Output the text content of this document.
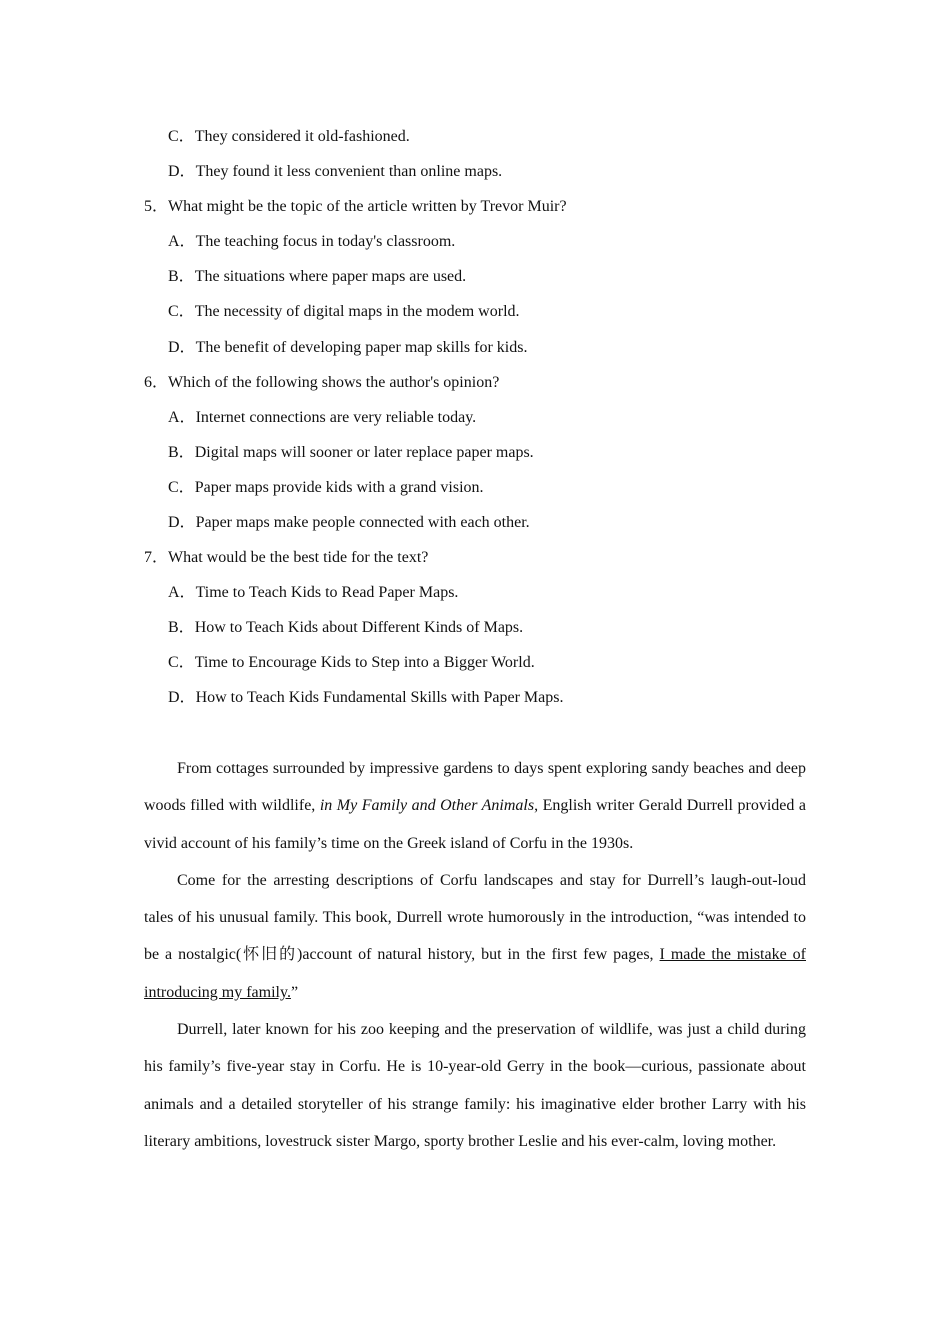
C．They considered it old-fashioned.
D．They found it less convenient than online maps.
5．What might be the topic of the article written by Trevor Muir?
A．The teaching focus in today's classroom.
B．The situations where paper maps are used.
C．The necessity of digital maps in the modem world.
D．The benefit of developing paper map skills for kids.
6．Which of the following shows the author's opinion?
A．Internet connections are very reliable today.
B．Digital maps will sooner or later replace paper maps.
C．Paper maps provide kids with a grand vision.
D．Paper maps make people connected with each other.
7．What would be the best tide for the text?
A．Time to Teach Kids to Read Paper Maps.
B．How to Teach Kids about Different Kinds of Maps.
C．Time to Encourage Kids to Step into a Bigger World.
D．How to Teach Kids Fundamental Skills with Paper Maps.

From cottages surrounded by impressive gardens to days spent exploring sandy beaches and deep woods filled with wildlife, in My Family and Other Animals, English writer Gerald Durrell provided a vivid account of his family’s time on the Greek island of Corfu in the 1930s.

Come for the arresting descriptions of Corfu landscapes and stay for Durrell’s laugh-out-loud tales of his unusual family. This book, Durrell wrote humorously in the introduction, “was intended to be a nostalgic(怀旧的)account of natural history, but in the first few pages, I made the mistake of introducing my family.”

Durrell, later known for his zoo keeping and the preservation of wildlife, was just a child during his family’s five-year stay in Corfu. He is 10-year-old Gerry in the book—curious, passionate about animals and a detailed storyteller of his strange family: his imaginative elder brother Larry with his literary ambitions, lovestruck sister Margo, sporty brother Leslie and his ever-calm, loving mother.
